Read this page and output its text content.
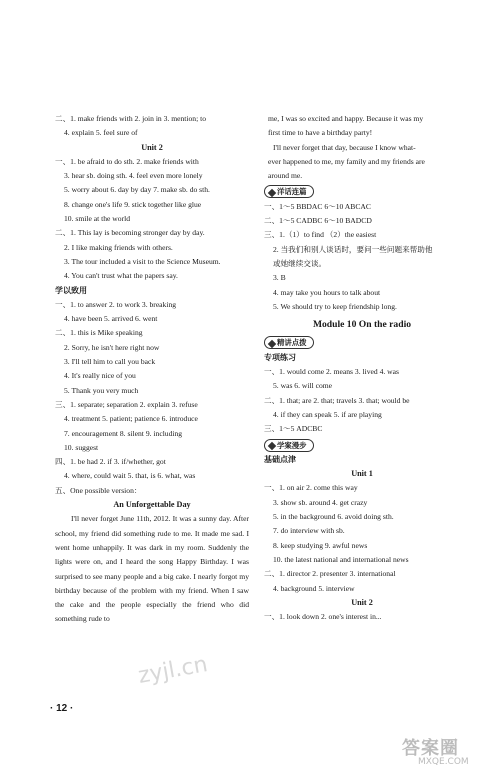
二、1. make friends with 2. join in 3. mention; to
4. explain 5. feel sure of
Unit 2
一、1. be afraid to do sth. 2. make friends with
3. hear sb. doing sth. 4. feel even more lonely
5. worry about 6. day by day 7. make sb. do sth.
8. change one's life 9. stick together like glue
10. smile at the world
二、1. This lay is becoming stronger day by day.
2. I like making friends with others.
3. The tour included a visit to the Science Museum.
4. You can't trust what the papers say.
学以致用
一、1. to answer 2. to work 3. breaking
4. have been 5. arrived 6. went
二、1. this is Mike speaking
2. Sorry, he isn't here right now
3. I'll tell him to call you back
4. It's really nice of you
5. Thank you very much
三、1. separate; separation 2. explain 3. refuse
4. treatment 5. patient; patience 6. introduce
7. encouragement 8. silent 9. including
10. suggest
四、1. be had 2. if 3. if/whether, got
4. where, could wait 5. that, is 6. what, was
五、One possible version：
An Unforgettable Day
I'll never forget June 11th, 2012. It was a sunny day. After school, my friend did something rude to me. It made me sad. I went home unhappily. It was dark in my room. Suddenly the lights were on, and I heard the song Happy Birthday. I was surprised to see many people and a big cake. I nearly forgot my birthday because of the problem with my friend. When I saw the cake and the people especially the friend who did something rude to
me, I was so excited and happy. Because it was my
first time to have a birthday party!
I'll never forget that day, because I know what-
ever happened to me, my family and my friends are
around me.
洋话连篇
一、1～5 BBDAC 6～10 ABCAC
二、1～5 CADBC 6～10 BADCD
三、1.（1）to find （2）the easiest
2. 当我们和别人谈话时，要问一些问题来帮助他
或她继续交谈。
3. B
4. may take you hours to talk about
5. We should try to keep friendship long.
Module 10 On the radio
精讲点拨
专项练习
一、1. would come 2. means 3. lived 4. was
5. was 6. will come
二、1. that; are 2. that; travels 3. that; would be
4. if they can speak 5. if are playing
三、1～5 ADCBC
学案漫步
基础点津
Unit 1
一、1. on air 2. come this way
3. show sb. around 4. get crazy
5. in the background 6. avoid doing sth.
7. do interview with sb.
8. keep studying 9. awful news
10. the latest national and international news
二、1. director 2. presenter 3. international
4. background 5. interview
Unit 2
一、1. look down 2. one's interest in...
· 12 ·
zyjl.cn
答案圈
MXQE.COM
